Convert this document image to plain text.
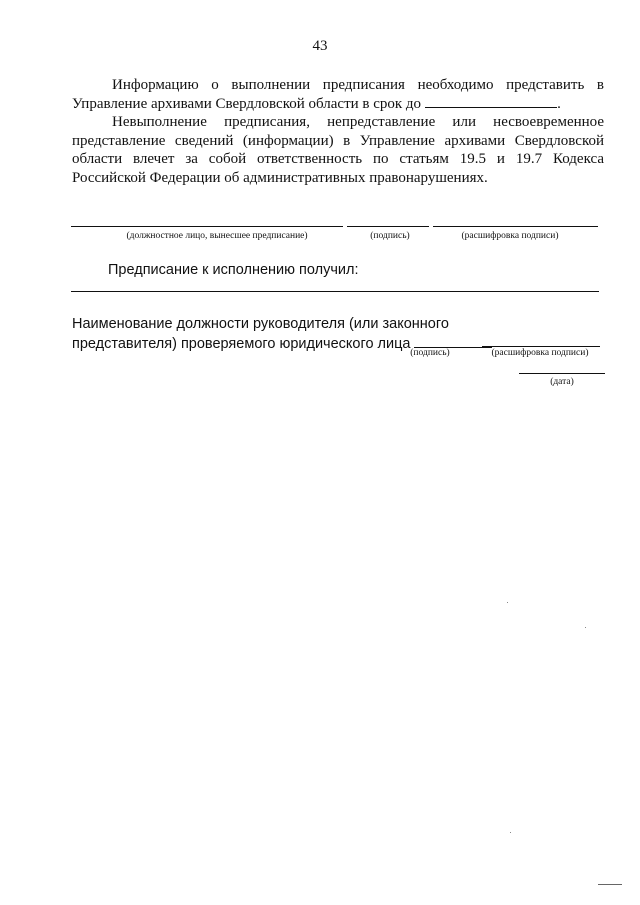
43

Информацию о выполнении предписания необходимо представить в Управление архивами Свердловской области в срок до	.

Невыполнение предписания, непредставление или несвоевременное представление сведений (информации) в Управление архивами Свердловской области влечет за собой ответственность по статьям 19.5 и 19.7 Кодекса Российской Федерации об административных правонарушениях.

(должностное лицо, вынесшее предписание)	(подпись)	(расшифровка подписи)
Предписание к исполнению получил:
Наименование должности руководителя (или законного
представителя) проверяемого юридического лица
(подпись)	(расшифровка подписи)
(дата)
